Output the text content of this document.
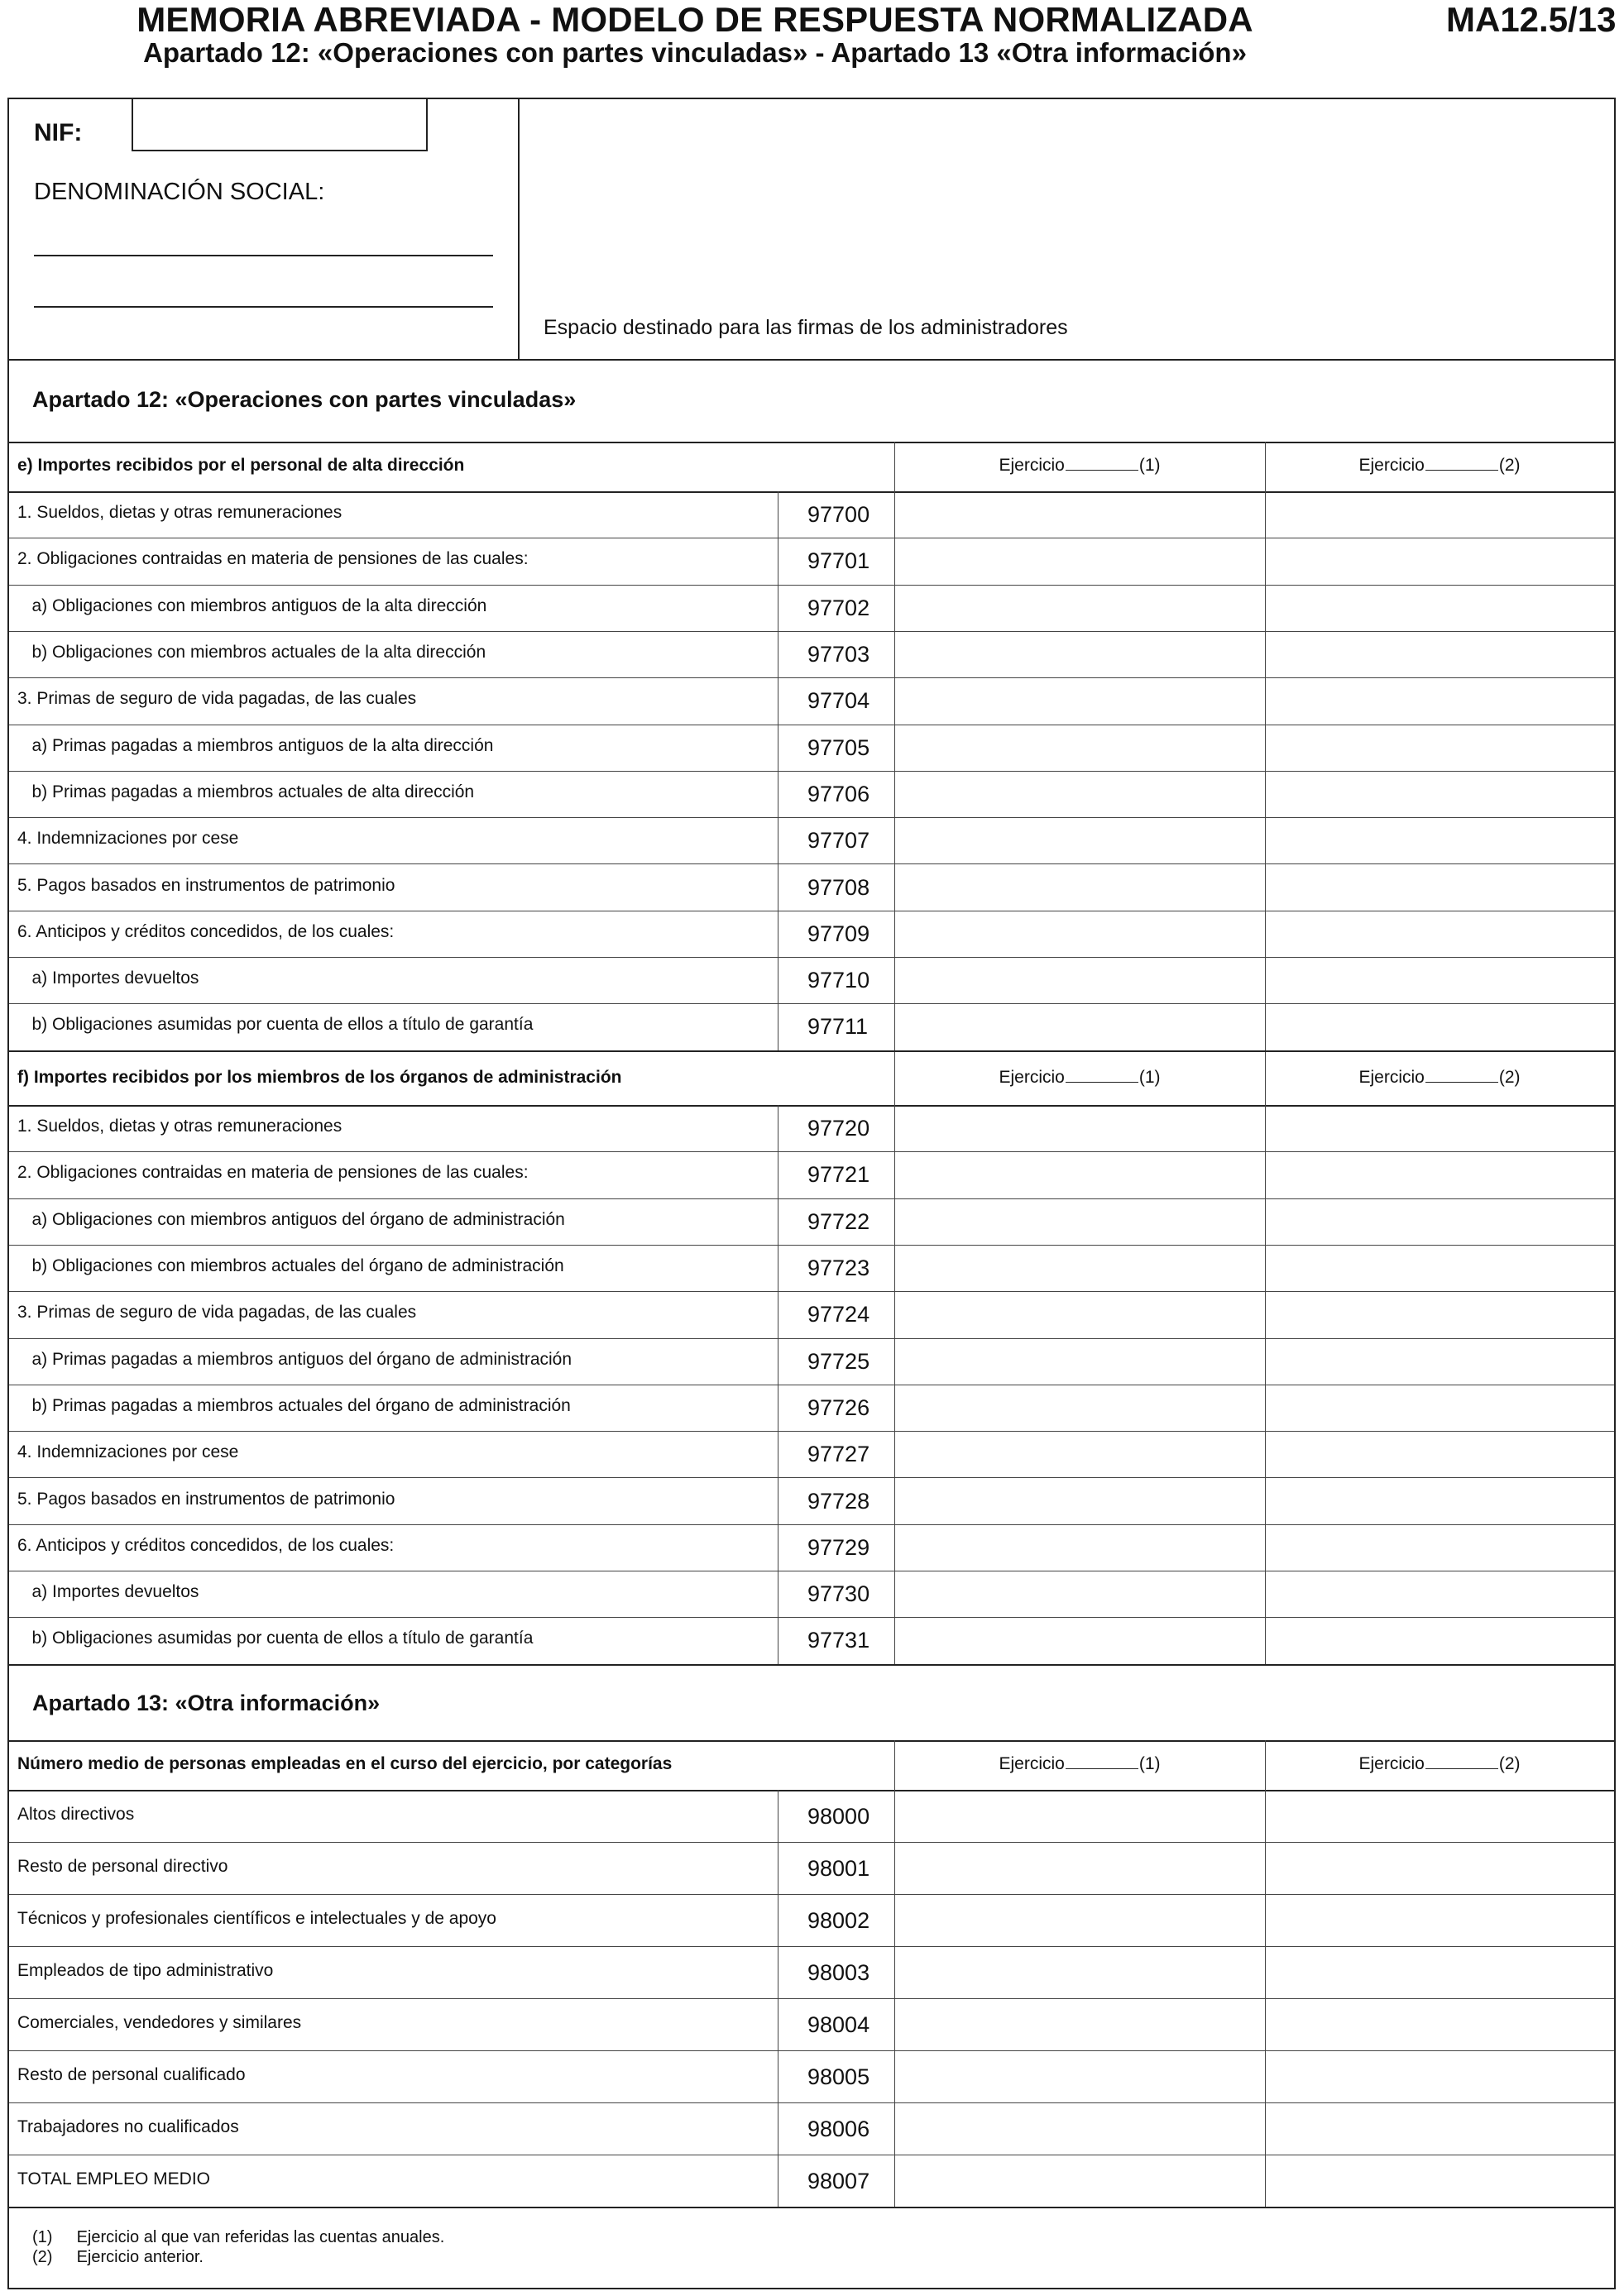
MEMORIA ABREVIADA - MODELO DE RESPUESTA NORMALIZADA
Apartado 12: «Operaciones con partes vinculadas» - Apartado 13 «Otra información»
MA12.5/13
NIF:
DENOMINACIÓN SOCIAL:
Espacio destinado para las firmas de los administradores
Apartado 12: «Operaciones con partes vinculadas»
e) Importes recibidos por el personal de alta dirección	Ejercicio	(1)	Ejercicio	(2)
1. Sueldos, dietas y otras remuneraciones	97700
2. Obligaciones contraidas en materia de pensiones de las cuales:	97701
a) Obligaciones con miembros antiguos de la alta dirección	97702
b) Obligaciones con miembros actuales de la alta dirección	97703
3. Primas de seguro de vida pagadas, de las cuales	97704
a) Primas pagadas a miembros antiguos de la alta dirección	97705
b) Primas pagadas a miembros actuales de alta dirección	97706
4. Indemnizaciones por cese	97707
5. Pagos basados en instrumentos de patrimonio	97708
6. Anticipos y créditos concedidos, de los cuales:	97709
a) Importes devueltos	97710
b) Obligaciones asumidas por cuenta de ellos a título de garantía	97711
f) Importes recibidos por los miembros de los órganos de administración	Ejercicio	(1)	Ejercicio	(2)
1. Sueldos, dietas y otras remuneraciones	97720
2. Obligaciones contraidas en materia de pensiones de las cuales:	97721
a) Obligaciones con miembros antiguos del órgano de administración	97722
b) Obligaciones con miembros actuales del órgano de administración	97723
3. Primas de seguro de vida pagadas, de las cuales	97724
a) Primas pagadas a miembros antiguos del órgano de administración	97725
b) Primas pagadas a miembros actuales del órgano de administración	97726
4. Indemnizaciones por cese	97727
5. Pagos basados en instrumentos de patrimonio	97728
6. Anticipos y créditos concedidos, de los cuales:	97729
a) Importes devueltos	97730
b) Obligaciones asumidas por cuenta de ellos a título de garantía	97731
Apartado 13: «Otra información»
Número medio de personas empleadas en el curso del ejercicio, por categorías	Ejercicio	(1)	Ejercicio	(2)
Altos directivos	98000
Resto de personal directivo	98001
Técnicos y profesionales científicos e intelectuales y de apoyo	98002
Empleados de tipo administrativo	98003
Comerciales, vendedores y similares	98004
Resto de personal cualificado	98005
Trabajadores no cualificados	98006
TOTAL EMPLEO MEDIO	98007
(1) Ejercicio al que van referidas las cuentas anuales.
(2) Ejercicio anterior.
